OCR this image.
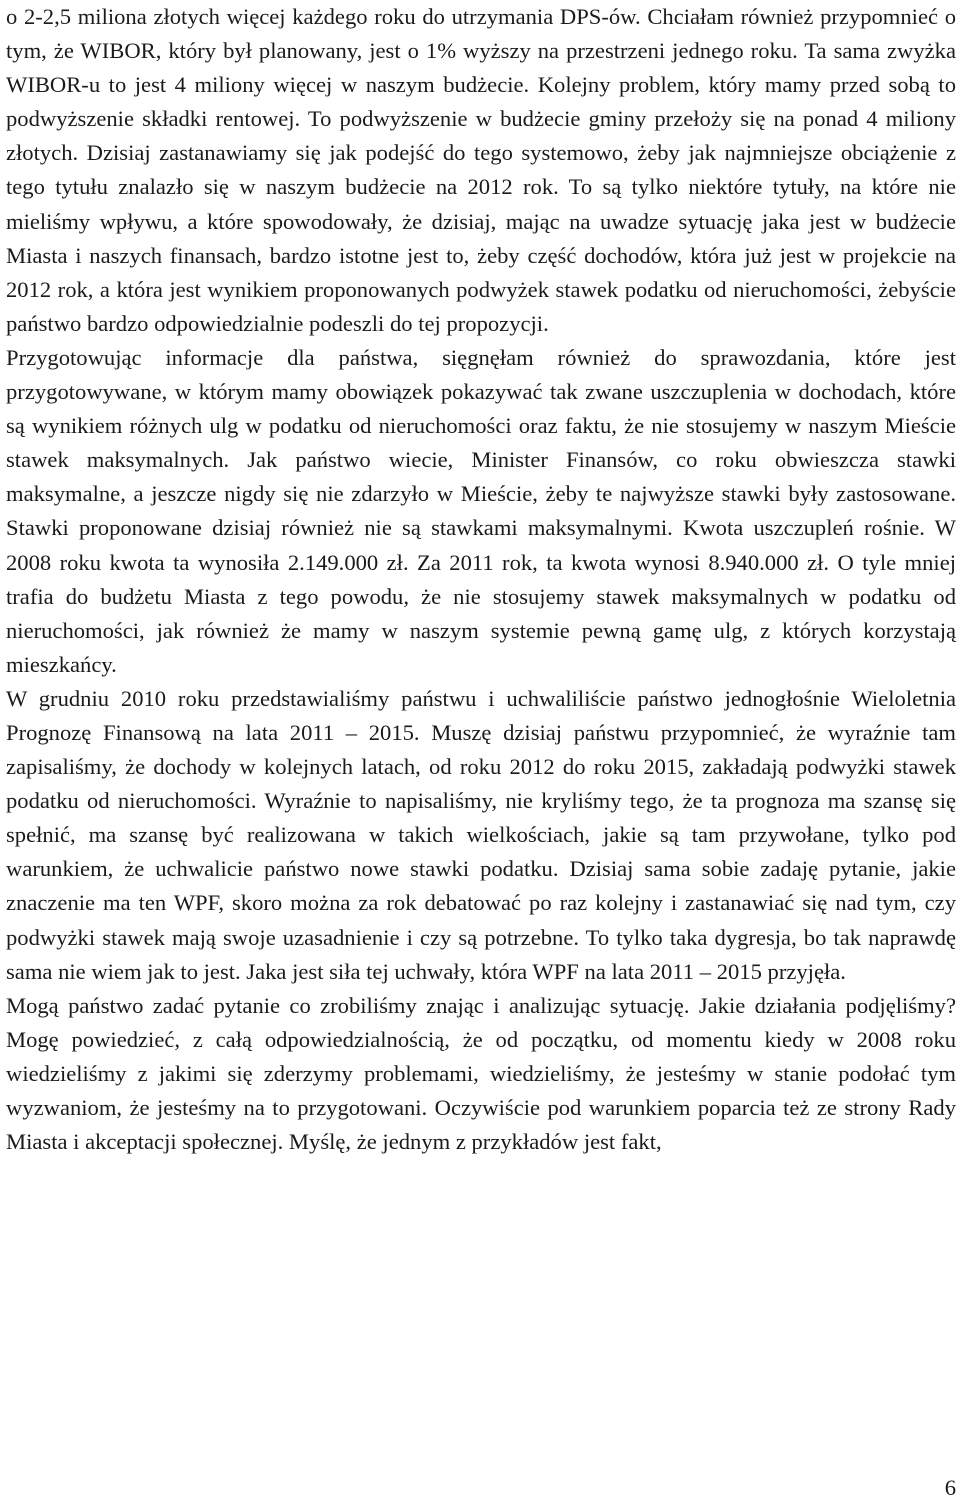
o 2-2,5 miliona złotych więcej każdego roku do utrzymania DPS-ów. Chciałam również przypomnieć o tym, że WIBOR, który był planowany, jest o 1% wyższy na przestrzeni jednego roku. Ta sama zwyżka WIBOR-u to jest 4 miliony więcej w naszym budżecie. Kolejny problem, który mamy przed sobą to podwyższenie składki rentowej. To podwyższenie w budżecie gminy przełoży się na ponad 4 miliony złotych. Dzisiaj zastanawiamy się jak podejść do tego systemowo, żeby jak najmniejsze obciążenie z tego tytułu znalazło się w naszym budżecie na 2012 rok. To są tylko niektóre tytuły, na które nie mieliśmy wpływu, a które spowodowały, że dzisiaj, mając na uwadze sytuację jaka jest w budżecie Miasta i naszych finansach, bardzo istotne jest to, żeby część dochodów, która już jest w projekcie na 2012 rok, a która jest wynikiem proponowanych podwyżek stawek podatku od nieruchomości, żebyście państwo bardzo odpowiedzialnie podeszli do tej propozycji.

Przygotowując informacje dla państwa, sięgnęłam również do sprawozdania, które jest przygotowywane, w którym mamy obowiązek pokazywać tak zwane uszczuplenia w dochodach, które są wynikiem różnych ulg w podatku od nieruchomości oraz faktu, że nie stosujemy w naszym Mieście stawek maksymalnych. Jak państwo wiecie, Minister Finansów, co roku obwieszcza stawki maksymalne, a jeszcze nigdy się nie zdarzyło w Mieście, żeby te najwyższe stawki były zastosowane. Stawki proponowane dzisiaj również nie są stawkami maksymalnymi. Kwota uszczupleń rośnie. W 2008 roku kwota ta wynosiła 2.149.000 zł. Za 2011 rok, ta kwota wynosi 8.940.000 zł. O tyle mniej trafia do budżetu Miasta z tego powodu, że nie stosujemy stawek maksymalnych w podatku od nieruchomości, jak również że mamy w naszym systemie pewną gamę ulg, z których korzystają mieszkańcy.

W grudniu 2010 roku przedstawialiśmy państwu i uchwaliliście państwo jednogłośnie Wieloletnia Prognozę Finansową na lata 2011 – 2015. Muszę dzisiaj państwu przypomnieć, że wyraźnie tam zapisaliśmy, że dochody w kolejnych latach, od roku 2012 do roku 2015, zakładają podwyżki stawek podatku od nieruchomości. Wyraźnie to napisaliśmy, nie kryliśmy tego, że ta prognoza ma szansę się spełnić, ma szansę być realizowana w takich wielkościach, jakie są tam przywołane, tylko pod warunkiem, że uchwalicie państwo nowe stawki podatku. Dzisiaj sama sobie zadaję pytanie, jakie znaczenie ma ten WPF, skoro można za rok debatować po raz kolejny i zastanawiać się nad tym, czy podwyżki stawek mają swoje uzasadnienie i czy są potrzebne. To tylko taka dygresja, bo tak naprawdę sama nie wiem jak to jest. Jaka jest siła tej uchwały, która WPF na lata 2011 – 2015 przyjęła.

Mogą państwo zadać pytanie co zrobiliśmy znając i analizując sytuację. Jakie działania podjęliśmy? Mogę powiedzieć, z całą odpowiedzialnością, że od początku, od momentu kiedy w 2008 roku wiedzieliśmy z jakimi się zderzymy problemami, wiedzieliśmy, że jesteśmy w stanie podołać tym wyzwaniom, że jesteśmy na to przygotowani. Oczywiście pod warunkiem poparcia też ze strony Rady Miasta i akceptacji społecznej. Myślę, że jednym z przykładów jest fakt,

6
